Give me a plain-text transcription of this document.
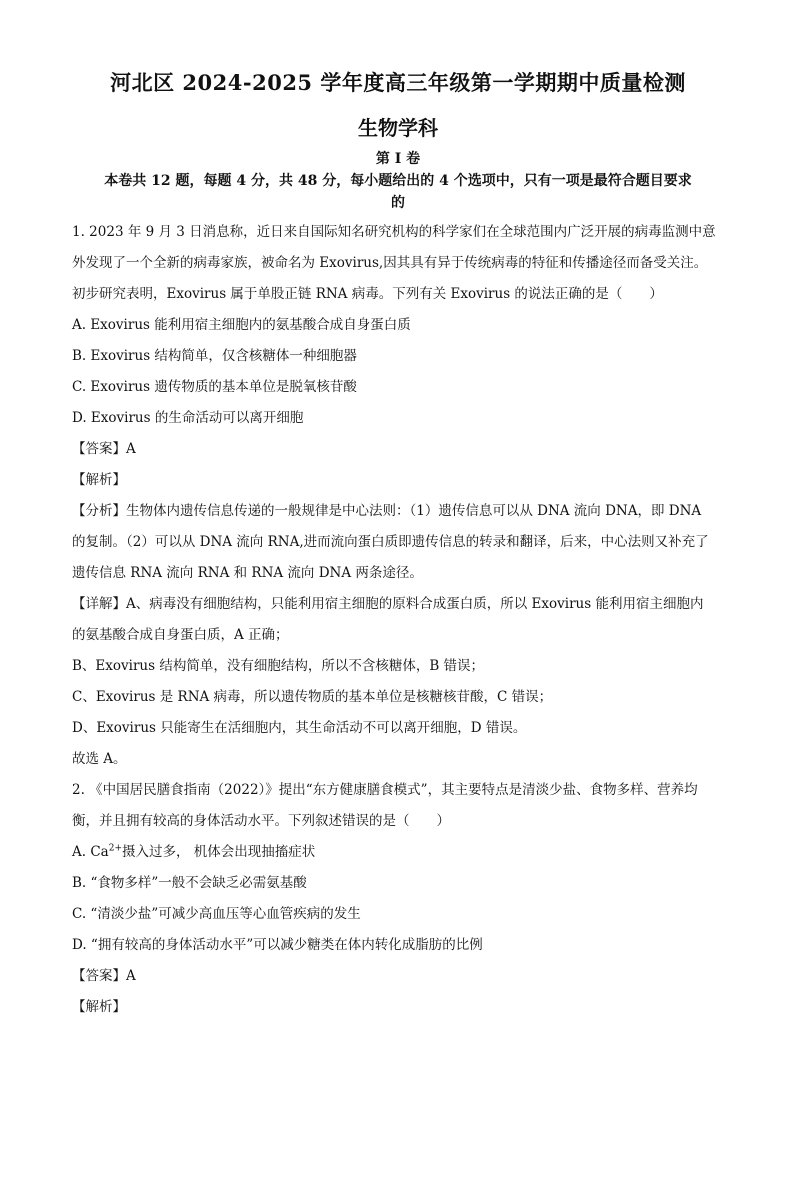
河北区 2024-2025 学年度高三年级第一学期期中质量检测
生物学科
第 I 卷
本卷共 12 题，每题 4 分，共 48 分，每小题给出的 4 个选项中，只有一项是最符合题目要求
的

1. 2023 年 9 月 3 日消息称，近日来自国际知名研究机构的科学家们在全球范围内广泛开展的病毒监测中意

外发现了一个全新的病毒家族，被命名为 Exovirus,因其具有异于传统病毒的特征和传播途径而备受关注。

初步研究表明，Exovirus 属于单股正链 RNA 病毒。下列有关 Exovirus 的说法正确的是（　　）

A. Exovirus 能利用宿主细胞内的氨基酸合成自身蛋白质

B. Exovirus 结构简单，仅含核糖体一种细胞器

C. Exovirus 遗传物质的基本单位是脱氧核苷酸

D. Exovirus 的生命活动可以离开细胞

【答案】A

【解析】

【分析】生物体内遗传信息传递的一般规律是中心法则：（1）遗传信息可以从 DNA 流向 DNA，即 DNA

的复制。（2）可以从 DNA 流向 RNA,进而流向蛋白质即遗传信息的转录和翻译，后来，中心法则又补充了

遗传信息 RNA 流向 RNA 和 RNA 流向 DNA 两条途径。

【详解】A、病毒没有细胞结构，只能利用宿主细胞的原料合成蛋白质，所以 Exovirus 能利用宿主细胞内

的氨基酸合成自身蛋白质，A 正确；

B、Exovirus 结构简单，没有细胞结构，所以不含核糖体，B 错误；

C、Exovirus 是 RNA 病毒，所以遗传物质的基本单位是核糖核苷酸，C 错误；

D、Exovirus 只能寄生在活细胞内，其生命活动不可以离开细胞，D 错误。

故选 A。

2. 《中国居民膳食指南（2022）》提出“东方健康膳食模式”，其主要特点是清淡少盐、食物多样、营养均

衡，并且拥有较高的身体活动水平。下列叙述错误的是（　　）

A. $Ca^{2+}$摄入过多， 机体会出现抽搐症状

B. “食物多样”一般不会缺乏必需氨基酸

C. “清淡少盐”可减少高血压等心血管疾病的发生

D. “拥有较高的身体活动水平”可以减少糖类在体内转化成脂肪的比例

【答案】A

【解析】
